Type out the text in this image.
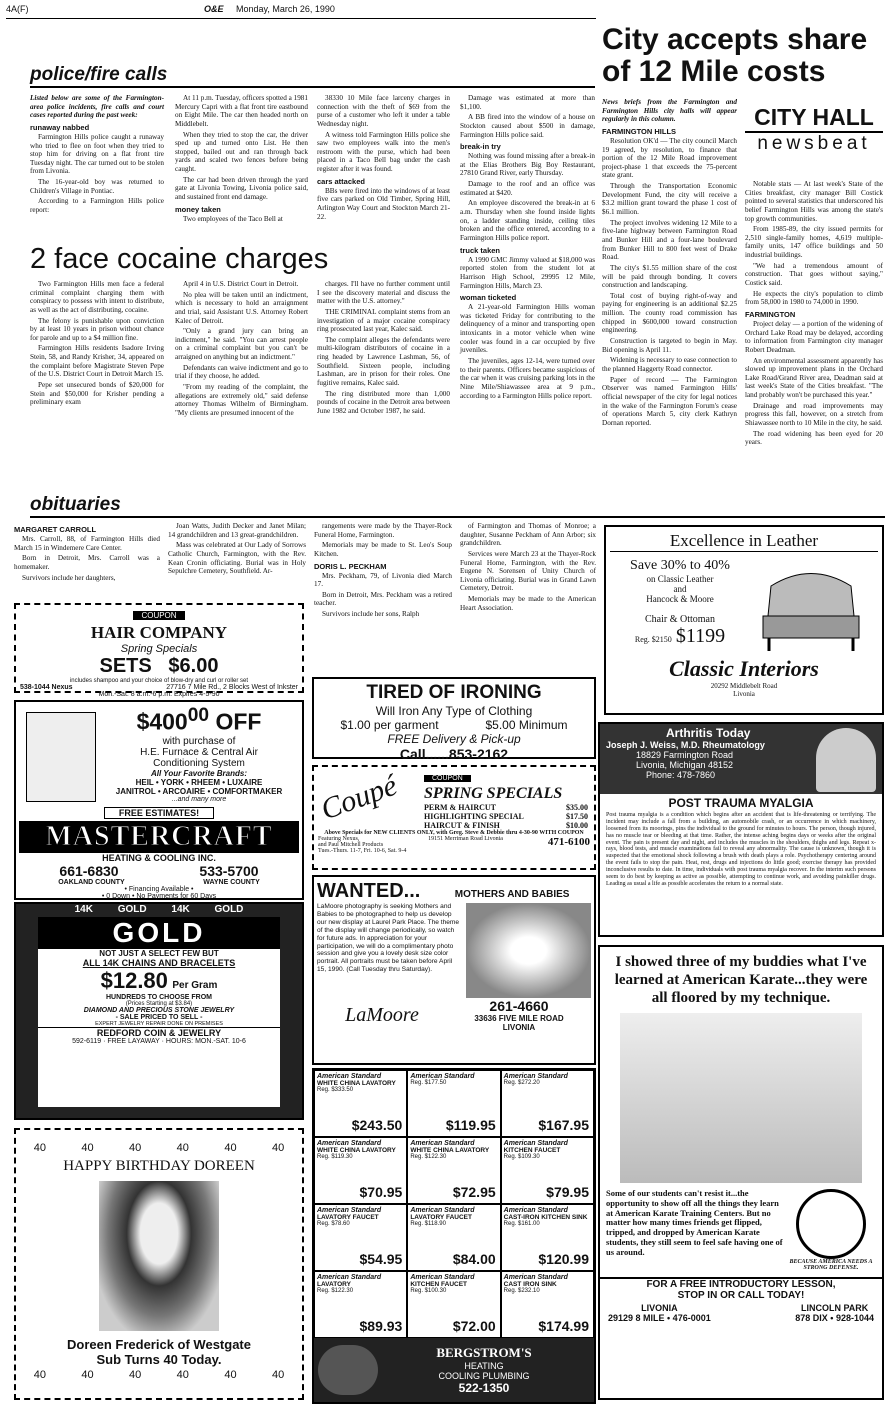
4A(F)	O&E Monday, March 26, 1990
police/fire calls

Listed below are some of the Farmington-area police incidents, fire calls and court cases reported during the past week:

runaway nabbed

Farmington Hills police caught a runaway who tried to flee on foot when they tried to stop him for driving on a flat front tire Tuesday night. The car turned out to be stolen from Livonia.

The 16-year-old boy was returned to Children's Village in Pontiac.

According to a Farmington Hills police report:

At 11 p.m. Tuesday, officers spotted a 1981 Mercury Capri with a flat front tire eastbound on Eight Mile. The car then headed north on Middlebelt.

When they tried to stop the car, the driver sped up and turned onto List. He then stopped, bailed out and ran through back yards and scaled two fences before being caught.

The car had been driven through the yard gate at Livonia Towing, Livonia police said, and sustained front end damage.

money taken

Two employees of the Taco Bell at

38330 10 Mile face larceny charges in connection with the theft of $69 from the purse of a customer who left it under a table Wednesday night.

A witness told Farmington Hills police she saw two employees walk into the men's restroom with the purse, which had been placed in a Taco Bell bag under the cash register after it was found.

cars attacked

BBs were fired into the windows of at least five cars parked on Old Timber, Spring Hill, Arlington Way Court and Stockton March 21-22.

Damage was estimated at more than $1,100.

A BB fired into the window of a house on Stockton caused about $500 in damage, Farmington Hills police said.

break-in try

Nothing was found missing after a break-in at the Elias Brothers Big Boy Restaurant, 27810 Grand River, early Thursday.

Damage to the roof and an office was estimated at $420.

An employee discovered the break-in at 6 a.m. Thursday when she found inside lights on, a ladder standing inside, ceiling tiles broken and the office entered, according to a Farmington Hills police report.

truck taken

A 1990 GMC Jimmy valued at $18,000 was reported stolen from the student lot at Harrison High School, 29995 12 Mile, Farmington Hills, March 23.

woman ticketed

A 21-year-old Farmington Hills woman was ticketed Friday for contributing to the delinquency of a minor and transporting open intoxicants in a motor vehicle when wine cooler was found in a car occupied by five juveniles.

The juveniles, ages 12-14, were turned over to their parents. Officers became suspicious of the car when it was cruising parking lots in the Nine Mile/Shiawassee area at 9 p.m., according to a Farmington Hills police report.

2 face cocaine charges

Two Farmington Hills men face a federal criminal complaint charging them with conspiracy to possess with intent to distribute, as well as the act of distributing, cocaine.

The felony is punishable upon conviction by at least 10 years in prison without chance for parole and up to a $4 million fine.

Farmington Hills residents Isadore Irving Stein, 58, and Randy Krisher, 34, appeared on the complaint before Magistrate Steven Pepe of the U.S. District Court in Detroit March 15.

Pepe set unsecured bonds of $20,000 for Stein and $50,000 for Krisher pending a preliminary exam

April 4 in U.S. District Court in Detroit.

No plea will be taken until an indictment, which is necessary to hold an arraignment and trial, said Assistant U.S. Attorney Robert Kalec of Detroit.

"Only a grand jury can bring an indictment," he said. "You can arrest people on a criminal complaint but you can't be arraigned on anything but an indictment."

Defendants can waive indictment and go to trial if they choose, he added.

"From my reading of the complaint, the allegations are extremely old," said defense attorney Thomas Wilhelm of Birmingham. "My clients are presumed innocent of the

charges. I'll have no further comment until I see the discovery material and discuss the matter with the U.S. attorney."

THE CRIMINAL complaint stems from an investigation of a major cocaine conspiracy ring prosecuted last year, Kalec said.

The complaint alleges the defendants were multi-kilogram distributors of cocaine in a ring headed by Lawrence Lashman, 56, of Southfield. Sixteen people, including Lashman, are in prison for their roles. One fugitive remains, Kalec said.

The ring distributed more than 1,000 pounds of cocaine in the Detroit area between June 1982 and October 1987, he said.

City accepts share of 12 Mile costs

News briefs from the Farmington and Farmington Hills city halls will appear regularly in this column.

FARMINGTON HILLS

Resolution OK'd — The city council March 19 agreed, by resolution, to finance that portion of the 12 Mile Road improvement project-phase 1 that exceeds the 75-percent state grant.

Through the Transportation Economic Development Fund, the city will receive a $3.2 million grant toward the phase 1 cost of $6.1 million.

The project involves widening 12 Mile to a five-lane highway between Farmington Road and Bunker Hill and a four-lane boulevard from Bunker Hill to 800 feet west of Drake Road.

The city's $1.55 million share of the cost will be paid through bonding. It covers construction and landscaping.

Total cost of buying right-of-way and paying for engineering is an additional $2.25 million. The county road commission has chipped in $600,000 toward construction engineering.

Construction is targeted to begin in May. Bid opening is April 11.

Widening is necessary to ease connection to the planned Haggerty Road connector.

Paper of record — The Farmington Observer was named Farmington Hills' official newspaper of the city for legal notices in the wake of the Farmington Forum's cease of operations March 5, city clerk Kathryn Dornan reported.

CITY HALL
newsbeat

Notable stats — At last week's State of the Cities breakfast, city manager Bill Costick pointed to several statistics that underscored his belief Farmington Hills was among the state's top growth communities.

From 1985-89, the city issued permits for 2,510 single-family homes, 4,619 multiple-family units, 147 office buildings and 50 industrial buildings.

"We had a tremendous amount of construction. That goes without saying," Costick said.

He expects the city's population to climb from 58,000 in 1980 to 74,000 in 1990.

FARMINGTON

Project delay — a portion of the widening of Orchard Lake Road may be delayed, according to information from Farmington city manager Robert Deadman.

An environmental assessment apparently has slowed up improvement plans in the Orchard Lake Road/Grand River area, Deadman said at last week's State of the Cities breakfast. "The land probably won't be purchased this year."

Drainage and road improvements may progress this fall, however, on a stretch from Shiawassee north to 10 Mile in the city, he said.

The road widening has been eyed for 20 years.

obituaries
MARGARET CARROLL

Mrs. Carroll, 88, of Farmington Hills died March 15 in Windemere Care Center.

Born in Detroit, Mrs. Carroll was a homemaker.

Survivors include her daughters,

Joan Watts, Judith Decker and Janet Milan; 14 grandchildren and 13 great-grandchildren.

Mass was celebrated at Our Lady of Sorrows Catholic Church, Farmington, with the Rev. Kean Cronin officiating. Burial was in Holy Sepulchre Cemetery, Southfield. Ar-

rangements were made by the Thayer-Rock Funeral Home, Farmington.

Memorials may be made to St. Leo's Soup Kitchen.

DORIS L. PECKHAM

Mrs. Peckham, 79, of Livonia died March 17.

Born in Detroit, Mrs. Peckham was a retired teacher.

Survivors include her sons, Ralph

of Farmington and Thomas of Monroe; a daughter, Susanne Peckham of Ann Arbor; six grandchildren.

Services were March 23 at the Thayer-Rock Funeral Home, Farmington, with the Rev. Eugene N. Sorensen of Unity Church of Livonia officiating. Burial was in Grand Lawn Cemetery, Detroit.

Memorials may be made to the American Heart Association.

COUPON
HAIR COMPANY
Spring Specials
SETS $6.00
includes shampoo and your choice of blow-dry and curl or roller set
538-1044 Nexus	27716 7 Mile Rd., 2 Blocks West of Inkster
Mon.-Sat. 8 a.m.-6 p.m. Expires 4-5-90	TIRED OF IRONING
Will Iron Any Type of Clothing
$1.00 per garment	$5.00 Minimum
FREE Delivery & Pick-up
Call......853-2162
Excellence in Leather
Save 30% to 40%
on Classic Leather
and
Hancock & Moore
Chair & Ottoman
Reg. $2150 $1199
Classic Interiors
20292 Middlebelt Road
Livonia
$\$400^{00}$ OFF
with purchase of
H.E. Furnace & Central Air
Conditioning System
All Your Favorite Brands:
HEIL • YORK • RHEEM • LUXAIRE
JANITROL • ARCOAIRE • COMFORTMAKER
...and many more
FREE ESTIMATES!
MASTERCRAFT
HEATING & COOLING INC.
661-6830	533-5700
OAKLAND COUNTY	WAYNE COUNTY
• Financing Available •
• 0 Down • No Payments for 60 Days
Coupé	COUPON
SPRING SPECIALS
PERM & HAIRCUT	$35.00
HIGHLIGHTING SPECIAL	$17.50
HAIRCUT & FINISH	$10.00
Above Specials for NEW CLIENTS ONLY, with Greg. Steve & Debbie thru 4-30-90 WITH COUPON
Featuring Nexus,
and Paul Mitchell Products
19151 Merriman Road Livonia	471-6100
Tues.-Thurs. 11-7, Fri. 10-6, Sat. 9-4
Arthritis Today
Joseph J. Weiss, M.D. Rheumatology
18829 Farmington Road
Livonia, Michigan 48152
Phone: 478-7860
POST TRAUMA MYALGIA
Post trauma myalgia is a condition which begins after an accident that is life-threatening or terrifying. The incident may include a fall from a building, an automobile crash, or an occurrence in which machinery, loosened from its moorings, pins the individual to the ground for minutes to hours. The person, though injured, has no muscle tear or bleeding at that time. Rather, the intense aching begins days or weeks after the original event. The pain is present day and night, and includes the muscles in the shoulders, thighs and legs. Repeat x-rays, blood tests, and muscle examinations fail to reveal any abnormality. The cause is unknown, though it is suspected that the emotional shock following a brush with death plays a role. Psychotherapy centering around the event fails to stop the pain. Heat, rest, drugs and injections do little good; exercise therapy has provided inconclusive results to date. In time, individuals with post trauma myalgia recover. In the interim such persons seem to do best by keeping as active as possible, attempting to continue work, and avoiding painkiller drugs. Leading as usual a life as possible accelerates the return to a normal state.
WANTED...	MOTHERS AND BABIES
LaMoore photography is seeking Mothers and Babies to be photographed to help us develop our new display at Laurel Park Place. The theme of the display will change periodically, so watch for future ads. In appreciation for your participation, we will do a complimentary photo session and give you a lovely desk size color portrait. All portraits must be taken before April 15, 1990. (Call Tuesday thru Saturday).
LaMoore	261-4660
33636 FIVE MILE ROAD
LIVONIA
14K GOLD 14K GOLD
GOLD
NOT JUST A SELECT FEW BUT
ALL 14K CHAINS AND BRACELETS
$12.80 Per Gram
HUNDREDS TO CHOOSE FROM
(Prices Starting at $3.84)
DIAMOND AND PRECIOUS STONE JEWELRY
- SALE PRICED TO SELL -
EXPERT JEWELRY REPAIR DONE ON PREMISES
REDFORD COIN & JEWELRY
592-6119 · FREE LAYAWAY · HOURS: MON.-SAT. 10-6
40	40	40	40	40	40
HAPPY BIRTHDAY DOREEN
Doreen Frederick of Westgate
Sub Turns 40 Today.
40	40	40	40	40	40
American Standard
WHITE CHINA LAVATORY
Reg. $333.50
$243.50
American Standard
Reg. $177.50
$119.95
American Standard
Reg. $272.20
$167.95
American Standard
WHITE CHINA LAVATORY
Reg. $119.30
$70.95
American Standard
WHITE CHINA LAVATORY
Reg. $122.30
$72.95
American Standard
KITCHEN FAUCET
Reg. $109.30
$79.95
American Standard
LAVATORY FAUCET
Reg. $78.60
$54.95
American Standard
LAVATORY FAUCET
Reg. $118.90
$84.00
American Standard
CAST-IRON KITCHEN SINK
Reg. $161.00
$120.99
American Standard
LAVATORY
Reg. $122.30
$89.93
American Standard
KITCHEN FAUCET
Reg. $100.30
$72.00
American Standard
CAST IRON SINK
Reg. $232.10
$174.99
BERGSTROM'S
HEATING
COOLING PLUMBING
522-1350
I showed three of my buddies what I've learned at American Karate...they were all floored by my technique.
Some of our students can't resist it...the opportunity to show off all the things they learn at American Karate Training Centers. But no matter how many times friends get flipped, tripped, and dropped by American Karate students, they still seem to feel safe having one of us around.
BECAUSE AMERICA NEEDS A STRONG DEFENSE.
FOR A FREE INTRODUCTORY LESSON,
STOP IN OR CALL TODAY!
LIVONIA
29129 8 MILE • 476-0001
LINCOLN PARK
878 DIX • 928-1044
